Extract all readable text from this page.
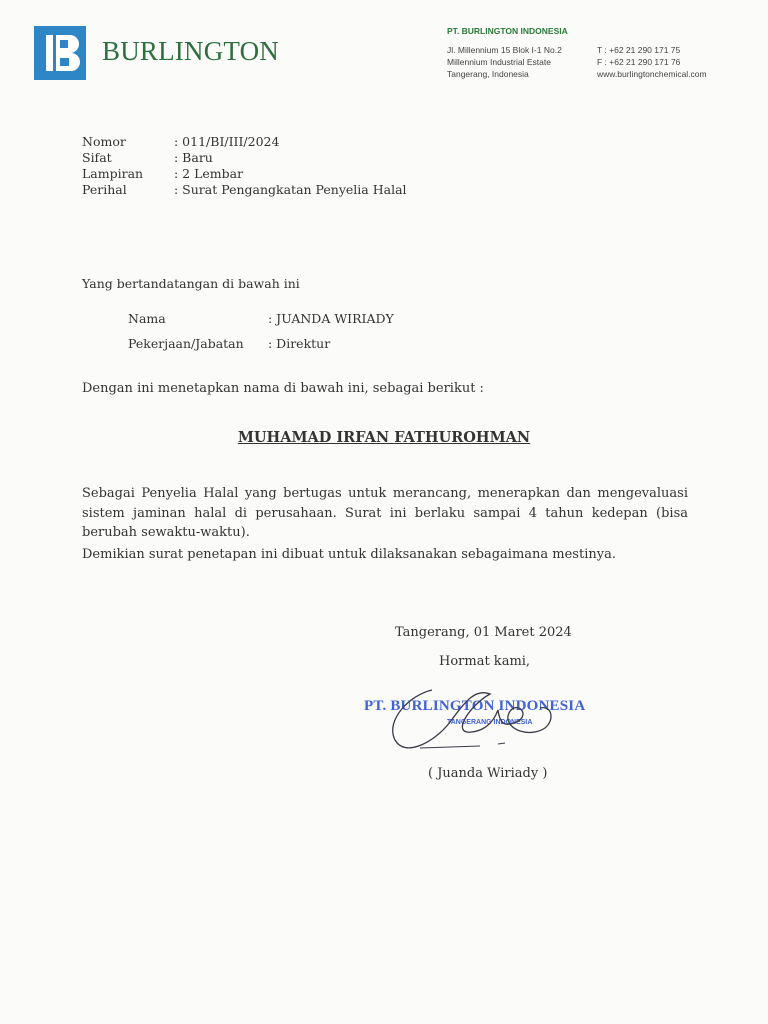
BURLINGTON
PT. BURLINGTON INDONESIA
Jl. Millennium 15 Blok I-1 No.2
Millennium Industrial Estate
Tangerang, Indonesia
T : +62 21 290 171 75
F : +62 21 290 171 76
www.burlingtonchemical.com
Nomor	: 011/BI/III/2024
Sifat	: Baru
Lampiran	: 2 Lembar
Perihal	: Surat Pengangkatan Penyelia Halal
Yang bertandatangan di bawah ini
Nama	: JUANDA WIRIADY
Pekerjaan/Jabatan	: Direktur
Dengan ini menetapkan nama di bawah ini, sebagai berikut :
MUHAMAD IRFAN FATHUROHMAN
Sebagai Penyelia Halal yang bertugas untuk merancang, menerapkan dan mengevaluasi sistem jaminan halal di perusahaan. Surat ini berlaku sampai 4 tahun kedepan (bisa berubah sewaktu-waktu).
Demikian surat penetapan ini dibuat untuk dilaksanakan sebagaimana mestinya.
Tangerang, 01 Maret 2024
Hormat kami,
PT. BURLINGTON INDONESIA
TANGERANG INDONESIA
( Juanda Wiriady )
